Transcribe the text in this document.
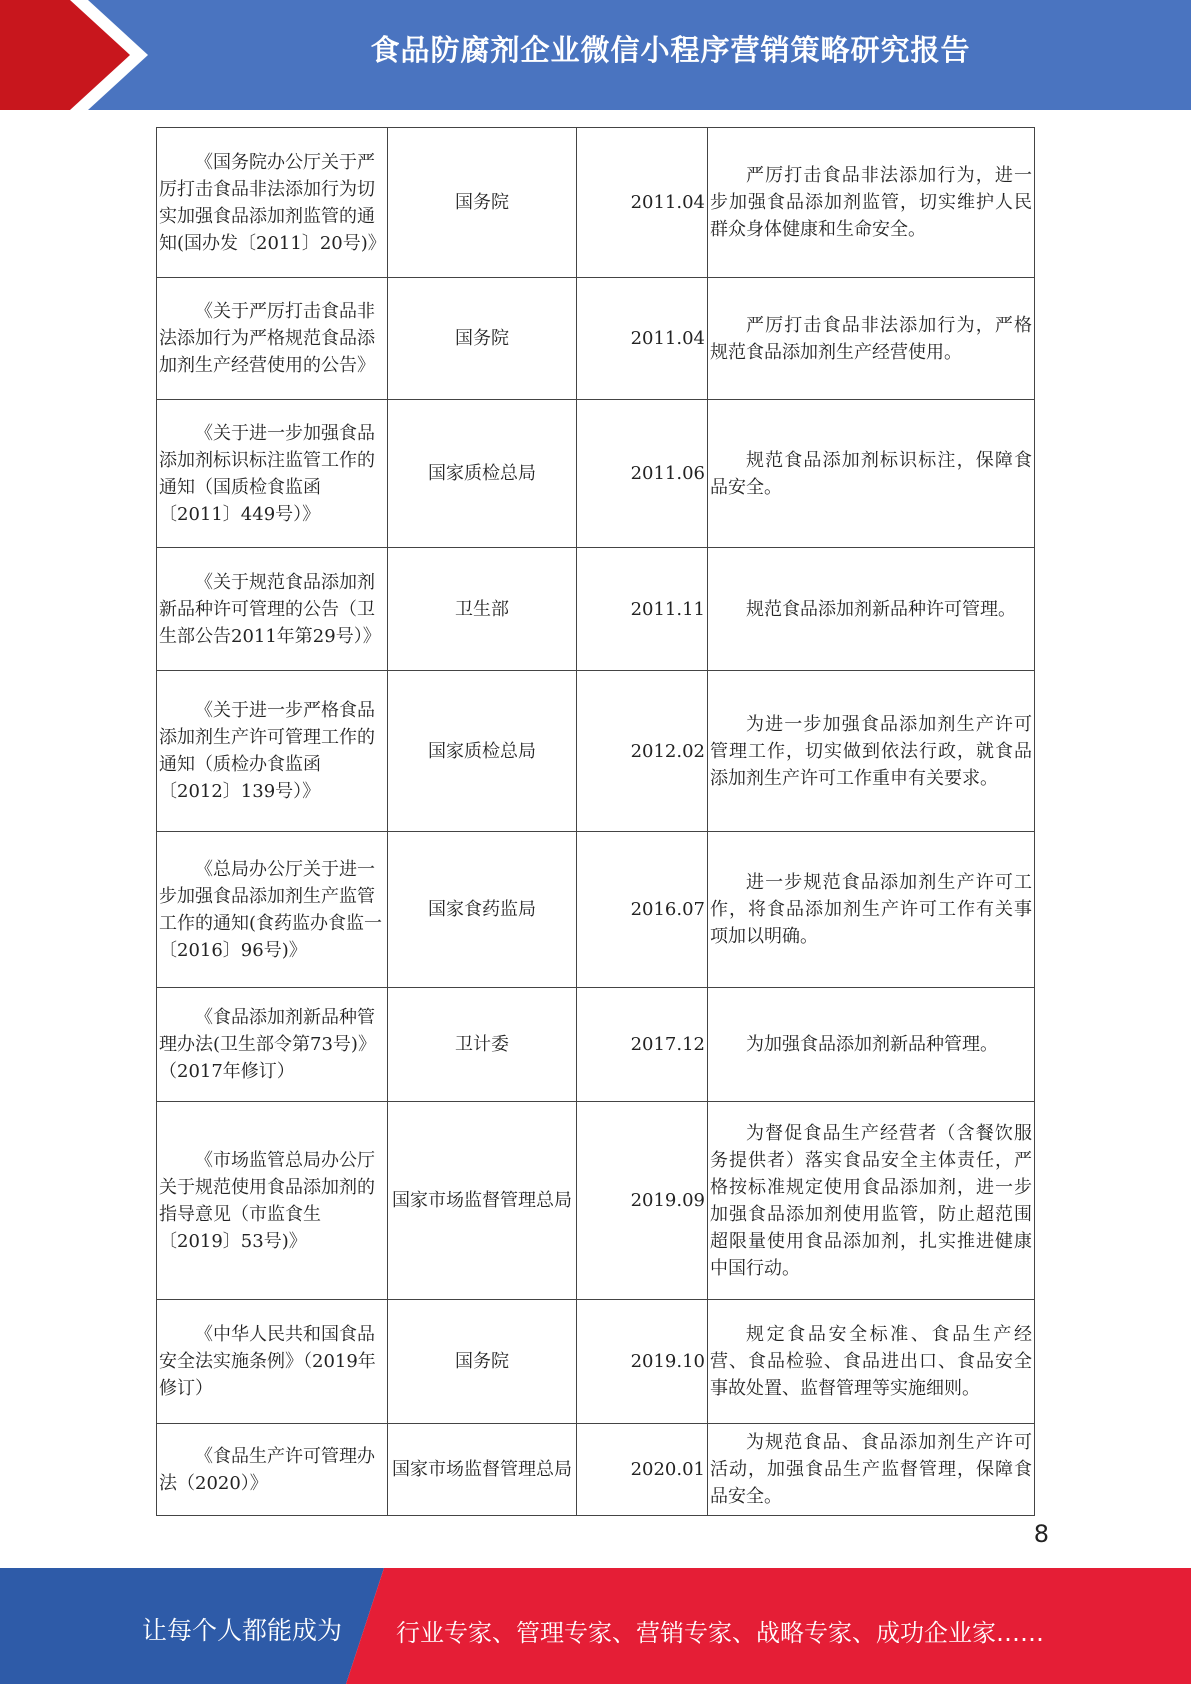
食品防腐剂企业微信小程序营销策略研究报告
《国务院办公厅关于严厉打击食品非法添加行为切实加强食品添加剂监管的通知(国办发〔2011〕20号)》	国务院	2011.04	严厉打击食品非法添加行为，进一步加强食品添加剂监管，切实维护人民群众身体健康和生命安全。
《关于严厉打击食品非法添加行为严格规范食品添加剂生产经营使用的公告》	国务院	2011.04	严厉打击食品非法添加行为，严格规范食品添加剂生产经营使用。
《关于进一步加强食品添加剂标识标注监管工作的通知（国质检食监函〔2011〕449号）》	国家质检总局	2011.06	规范食品添加剂标识标注，保障食品安全。
《关于规范食品添加剂新品种许可管理的公告（卫生部公告2011年第29号）》	卫生部	2011.11	规范食品添加剂新品种许可管理。
《关于进一步严格食品添加剂生产许可管理工作的通知（质检办食监函〔2012〕139号）》	国家质检总局	2012.02	为进一步加强食品添加剂生产许可管理工作，切实做到依法行政，就食品添加剂生产许可工作重申有关要求。
《总局办公厅关于进一步加强食品添加剂生产监管工作的通知(食药监办食监一〔2016〕96号)》	国家食药监局	2016.07	进一步规范食品添加剂生产许可工作，将食品添加剂生产许可工作有关事项加以明确。
《食品添加剂新品种管理办法(卫生部令第73号)》（2017年修订）	卫计委	2017.12	为加强食品添加剂新品种管理。
《市场监管总局办公厅关于规范使用食品添加剂的指导意见（市监食生〔2019〕53号)》	国家市场监督管理总局	2019.09	为督促食品生产经营者（含餐饮服务提供者）落实食品安全主体责任，严格按标准规定使用食品添加剂，进一步加强食品添加剂使用监管，防止超范围超限量使用食品添加剂，扎实推进健康中国行动。
《中华人民共和国食品安全法实施条例》（2019年修订）	国务院	2019.10	规定食品安全标准、食品生产经营、食品检验、食品进出口、食品安全事故处置、监督管理等实施细则。
《食品生产许可管理办法（2020）》	国家市场监督管理总局	2020.01	为规范食品、食品添加剂生产许可活动，加强食品生产监督管理，保障食品安全。
8
让每个人都能成为 行业专家、管理专家、营销专家、战略专家、成功企业家……
